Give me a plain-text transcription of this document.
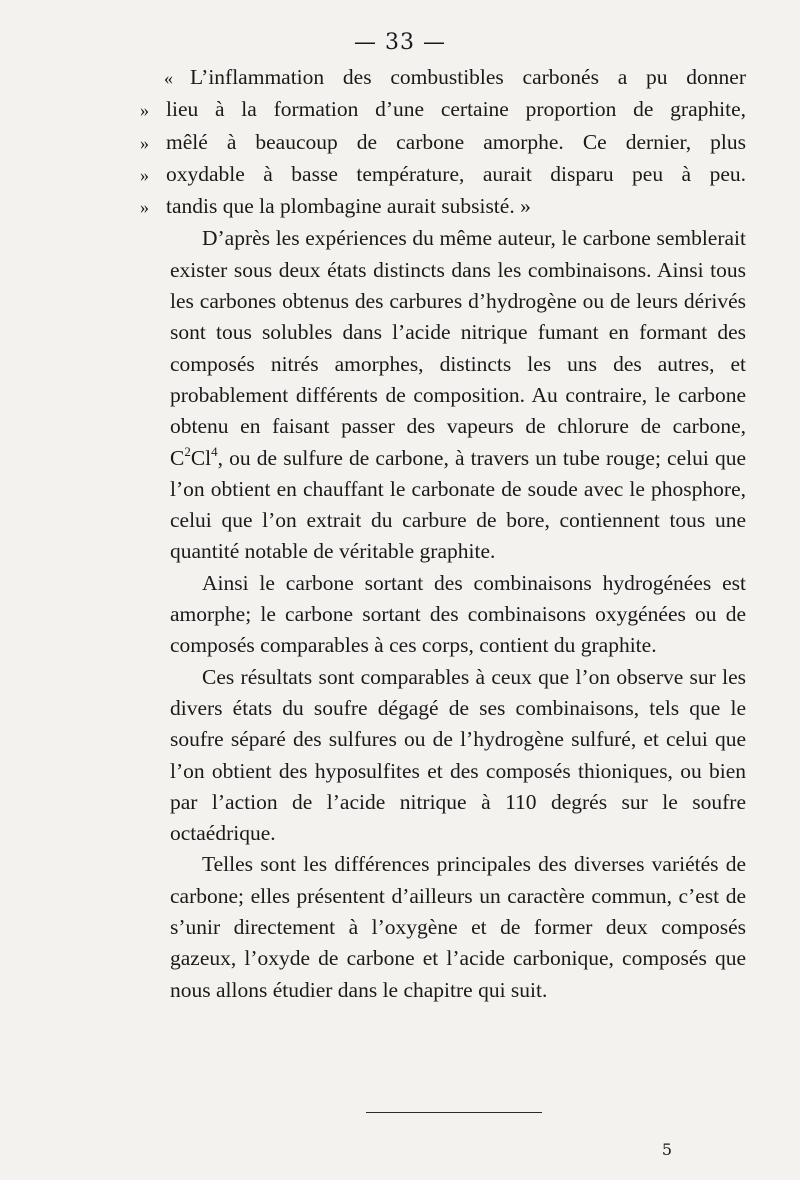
— 33 —
« L’inflammation des combustibles carbonés a pu donner
» lieu à la formation d’une certaine proportion de graphite,
» mêlé à beaucoup de carbone amorphe. Ce dernier, plus
» oxydable à basse température, aurait disparu peu à peu.
» tandis que la plombagine aurait subsisté. »

D’après les expériences du même auteur, le carbone semblerait exister sous deux états distincts dans les combinaisons. Ainsi tous les carbones obtenus des carbures d’hydrogène ou de leurs dérivés sont tous solubles dans l’acide nitrique fumant en formant des composés nitrés amorphes, distincts les uns des autres, et probablement différents de composition. Au contraire, le carbone obtenu en faisant passer des vapeurs de chlorure de carbone, $C^2Cl^4$, ou de sulfure de carbone, à travers un tube rouge; celui que l’on obtient en chauffant le carbonate de soude avec le phosphore, celui que l’on extrait du carbure de bore, contiennent tous une quantité notable de véritable graphite.

Ainsi le carbone sortant des combinaisons hydrogénées est amorphe; le carbone sortant des combinaisons oxygénées ou de composés comparables à ces corps, contient du graphite.

Ces résultats sont comparables à ceux que l’on observe sur les divers états du soufre dégagé de ses combinaisons, tels que le soufre séparé des sulfures ou de l’hydrogène sulfuré, et celui que l’on obtient des hyposulfites et des composés thioniques, ou bien par l’action de l’acide nitrique à 110 degrés sur le soufre octaédrique.

Telles sont les différences principales des diverses variétés de carbone; elles présentent d’ailleurs un caractère commun, c’est de s’unir directement à l’oxygène et de former deux composés gazeux, l’oxyde de carbone et l’acide carbonique, composés que nous allons étudier dans le chapitre qui suit.

5
